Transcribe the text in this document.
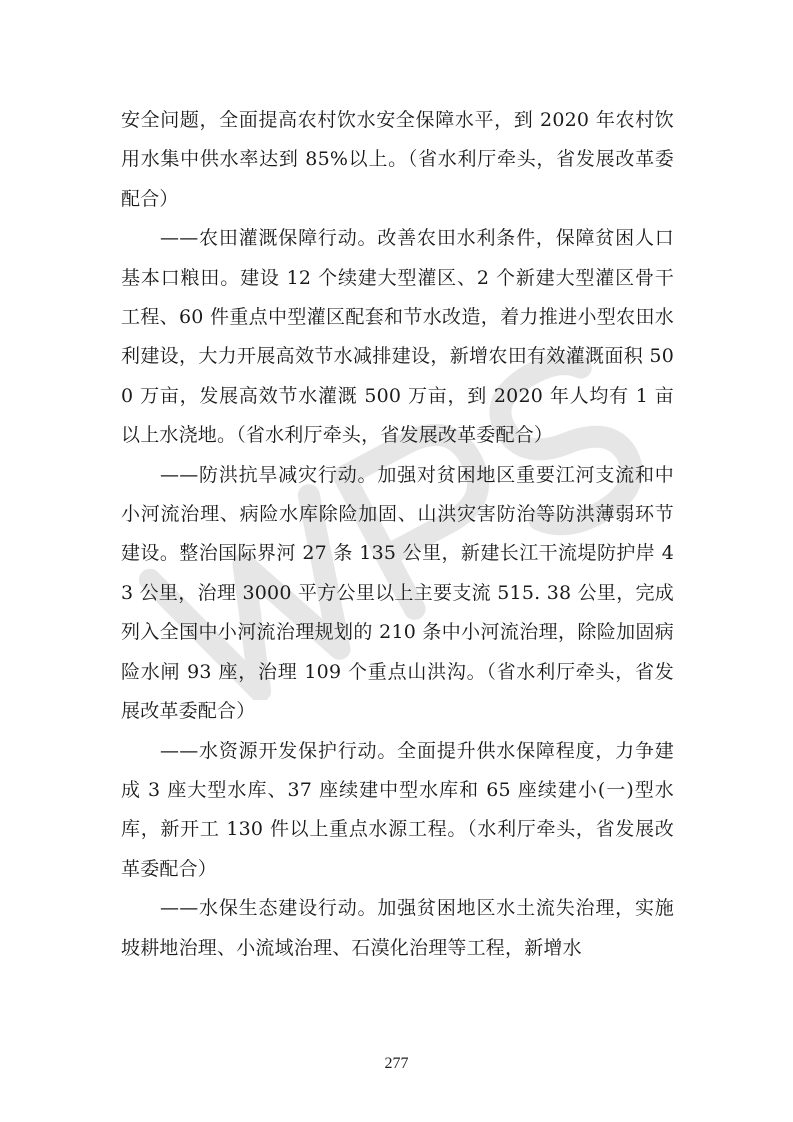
安全问题，全面提高农村饮水安全保障水平，到 2020 年农村饮用水集中供水率达到 85%以上。（省水利厅牵头，省发展改革委配合）

——农田灌溉保障行动。改善农田水利条件，保障贫困人口基本口粮田。建设 12 个续建大型灌区、2 个新建大型灌区骨干工程、60 件重点中型灌区配套和节水改造，着力推进小型农田水利建设，大力开展高效节水减排建设，新增农田有效灌溉面积 500 万亩，发展高效节水灌溉 500 万亩，到 2020 年人均有 1 亩以上水浇地。（省水利厅牵头，省发展改革委配合）

——防洪抗旱减灾行动。加强对贫困地区重要江河支流和中小河流治理、病险水库除险加固、山洪灾害防治等防洪薄弱环节建设。整治国际界河 27 条 135 公里，新建长江干流堤防护岸 43 公里，治理 3000 平方公里以上主要支流 515. 38 公里，完成列入全国中小河流治理规划的 210 条中小河流治理，除险加固病险水闸 93 座，治理 109 个重点山洪沟。（省水利厅牵头，省发展改革委配合）

——水资源开发保护行动。全面提升供水保障程度，力争建成 3 座大型水库、37 座续建中型水库和 65 座续建小(一)型水库，新开工 130 件以上重点水源工程。（水利厅牵头，省发展改革委配合）

——水保生态建设行动。加强贫困地区水土流失治理，实施坡耕地治理、小流域治理、石漠化治理等工程，新增水

277
